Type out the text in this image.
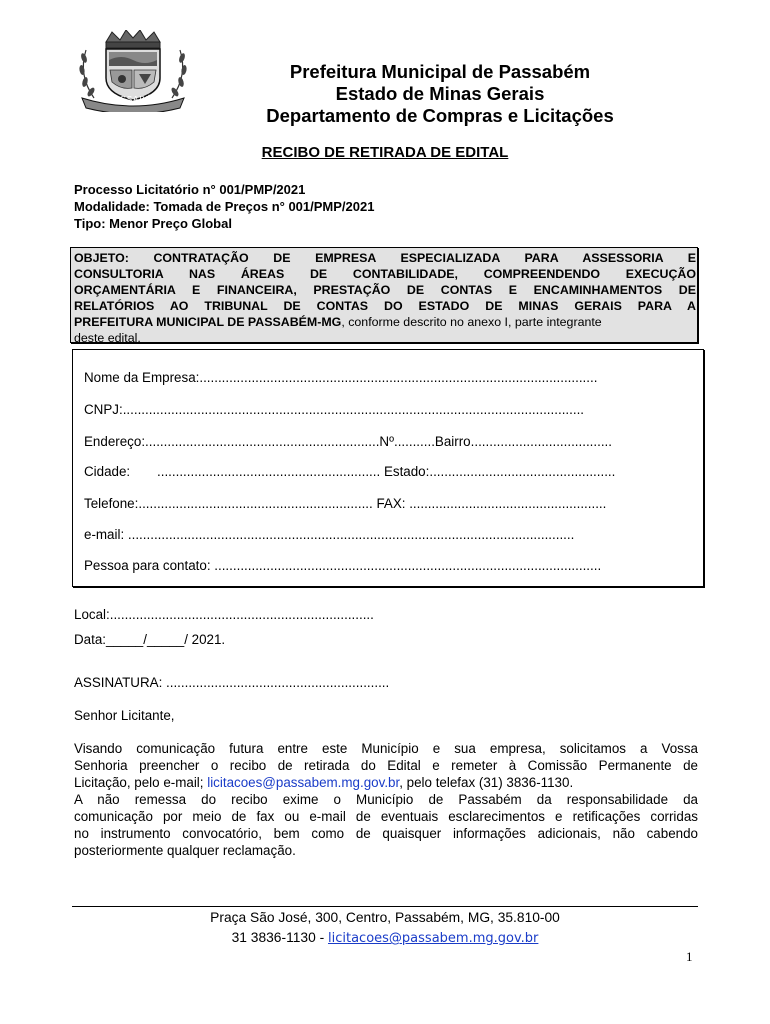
PASSABÉM
Prefeitura Municipal de Passabém
Estado de Minas Gerais
Departamento de Compras e Licitações
RECIBO DE RETIRADA DE EDITAL
Processo Licitatório n° 001/PMP/2021
Modalidade: Tomada de Preços n° 001/PMP/2021
Tipo: Menor Preço Global
OBJETO: CONTRATAÇÃO DE EMPRESA ESPECIALIZADA PARA ASSESSORIA E
CONSULTORIA NAS ÁREAS DE CONTABILIDADE, COMPREENDENDO EXECUÇÃO
ORÇAMENTÁRIA E FINANCEIRA, PRESTAÇÃO DE CONTAS E ENCAMINHAMENTOS DE
RELATÓRIOS AO TRIBUNAL DE CONTAS DO ESTADO DE MINAS GERAIS PARA A
PREFEITURA MUNICIPAL DE PASSABÉM-MG, conforme descrito no anexo I, parte integrante
deste edital.
Nome da Empresa:...........................................................................................................
CNPJ:............................................................................................................................
Endereço:...............................................................Nº...........Bairro......................................
Cidade: ............................................................ Estado:..................................................
Telefone:............................................................... FAX: .....................................................
e-mail: ........................................................................................................................
Pessoa para contato: ........................................................................................................
Local:.......................................................................
Data:_____/_____/ 2021.
ASSINATURA: ............................................................
Senhor Licitante,
Visando comunicação futura entre este Município e sua empresa, solicitamos a Vossa
Senhoria preencher o recibo de retirada do Edital e remeter à Comissão Permanente de
Licitação, pelo e-mail; licitacoes@passabem.mg.gov.br, pelo telefax (31) 3836-1130.
A não remessa do recibo exime o Município de Passabém da responsabilidade da
comunicação por meio de fax ou e-mail de eventuais esclarecimentos e retificações corridas
no instrumento convocatório, bem como de quaisquer informações adicionais, não cabendo
posteriormente qualquer reclamação.
Praça São José, 300, Centro, Passabém, MG, 35.810-00
31 3836-1130 - licitacoes@passabem.mg.gov.br
1
